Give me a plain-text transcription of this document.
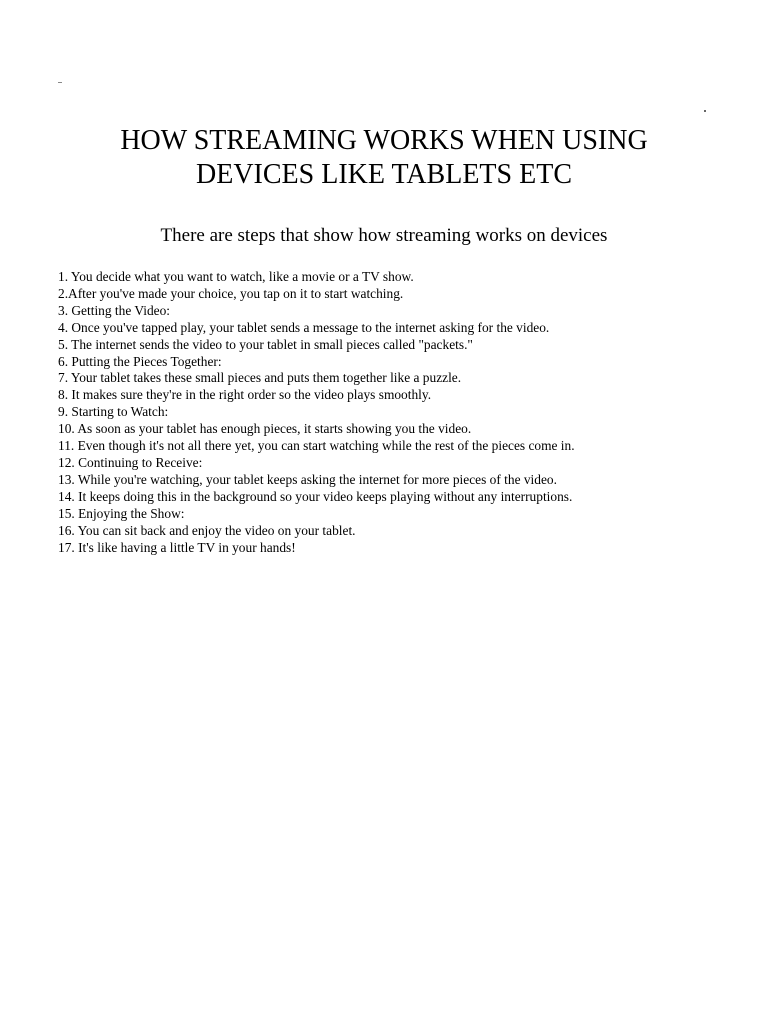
HOW STREAMING WORKS WHEN USING
DEVICES LIKE TABLETS ETC

There are steps that show how streaming works on devices

1. You decide what you want to watch, like a movie or a TV show.
2.After you've made your choice, you tap on it to start watching.
3. Getting the Video:
4. Once you've tapped play, your tablet sends a message to the internet asking for the video.
5. The internet sends the video to your tablet in small pieces called "packets."
6. Putting the Pieces Together:
7. Your tablet takes these small pieces and puts them together like a puzzle.
8. It makes sure they're in the right order so the video plays smoothly.
9. Starting to Watch:
10. As soon as your tablet has enough pieces, it starts showing you the video.
11. Even though it's not all there yet, you can start watching while the rest of the pieces come in.
12. Continuing to Receive:
13. While you're watching, your tablet keeps asking the internet for more pieces of the video.
14. It keeps doing this in the background so your video keeps playing without any interruptions.
15. Enjoying the Show:
16. You can sit back and enjoy the video on your tablet.
17. It's like having a little TV in your hands!
